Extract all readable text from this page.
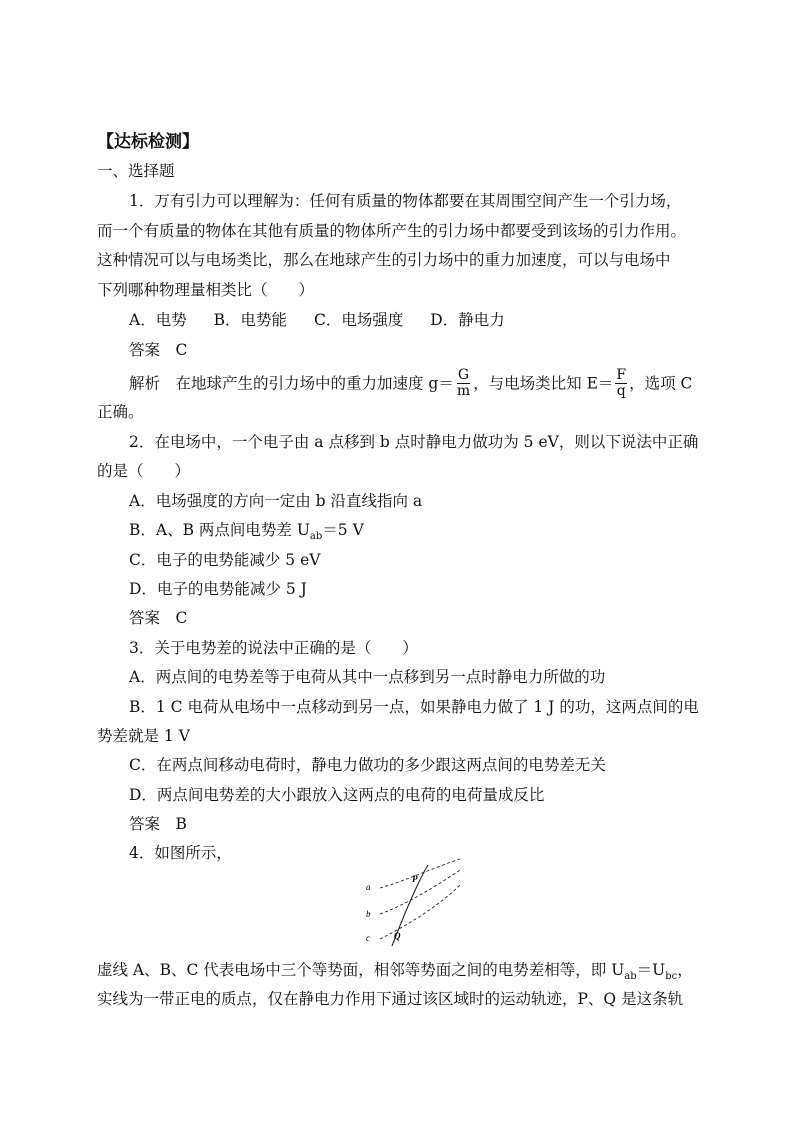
【达标检测】
一、选择题
1．万有引力可以理解为：任何有质量的物体都要在其周围空间产生一个引力场，
而一个有质量的物体在其他有质量的物体所产生的引力场中都要受到该场的引力作用。
这种情况可以与电场类比，那么在地球产生的引力场中的重力加速度，可以与电场中
下列哪种物理量相类比（　　）
A．电势 B．电势能 C．电场强度 D．静电力
答案　C
解析　在地球产生的引力场中的重力加速度 $g= \frac{G}{m}$ ，与电场类比知 $E= \frac{F}{q}$ ，选项 C
正确。
2．在电场中，一个电子由 a 点移到 b 点时静电力做功为 5 eV，则以下说法中正确
的是（　　）
A．电场强度的方向一定由 b 沿直线指向 a
B．A、B 两点间电势差 $U_{ab}=5$ V
C．电子的电势能减少 5 eV
D．电子的电势能减少 5 J
答案　C
3．关于电势差的说法中正确的是（　　）
A．两点间的电势差等于电荷从其中一点移到另一点时静电力所做的功
B．1 C 电荷从电场中一点移动到另一点，如果静电力做了 1 J 的功，这两点间的电
势差就是 1 V
C．在两点间移动电荷时，静电力做功的多少跟这两点间的电势差无关
D．两点间电势差的大小跟放入这两点的电荷的电荷量成反比
答案　B
4．如图所示，
a
b
c
P
Q
虚线 A、B、C 代表电场中三个等势面，相邻等势面之间的电势差相等，即 $U_{ab}=U_{bc}$，
实线为一带正电的质点，仅在静电力作用下通过该区域时的运动轨迹，P、Q 是这条轨
